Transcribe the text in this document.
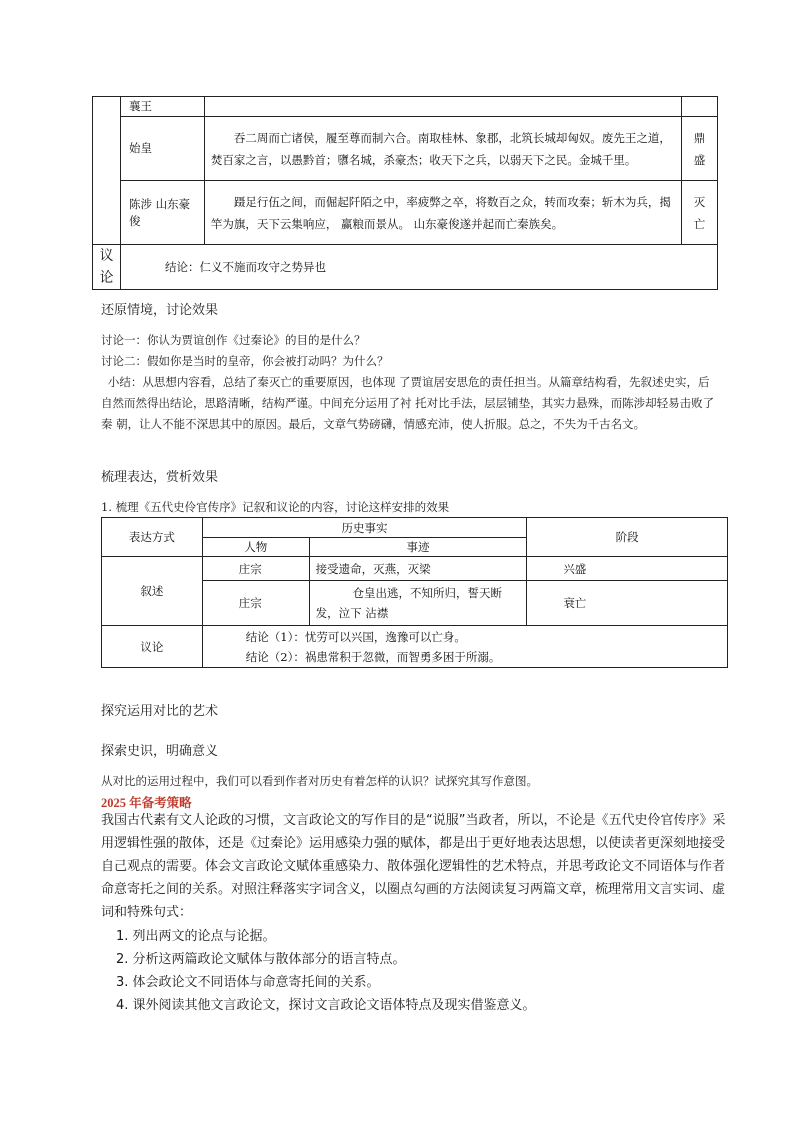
	襄王		
	始皇	吞二周而亡诸侯，履至尊而制六合。南取桂林、象郡，北筑长城却匈奴。废先王之道，焚百家之言，以愚黔首；隳名城，杀豪杰；收天下之兵，以弱天下之民。金城千里。	鼎盛
	陈涉 山东豪俊	蹑足行伍之间，而倔起阡陌之中，率疲弊之卒，将数百之众，转而攻秦；斩木为兵，揭竿为旗，天下云集响应， 赢粮而景从。 山东豪俊遂并起而亡秦族矣。	灭亡
议论	结论：仁义不施而攻守之势异也		
还原情境，讨论效果
讨论一：你认为贾谊创作《过秦论》的目的是什么？
讨论二：假如你是当时的皇帝，你会被打动吗？为什么？
小结：从思想内容看，总结了秦灭亡的重要原因，也体现 了贾谊居安思危的责任担当。从篇章结构看，先叙述史实，后 自然而然得出结论，思路清晰，结构严谨。中间充分运用了衬 托对比手法，层层铺垫，其实力悬殊，而陈涉却轻易击败了秦 朝，让人不能不深思其中的原因。最后，文章气势磅礴，情感充沛，使人折服。总之，不失为千古名文。
梳理表达，赏析效果
1. 梳理《五代史伶官传序》记叙和议论的内容，讨论这样安排的效果
表达方式	历史事实		阶段
	人物	事迹	
叙述	庄宗	接受遗命，灭燕，灭梁	兴盛
	庄宗	仓皇出逃，不知所归，誓天断发，泣下 沾襟	衰亡
议论	结论（1）：忧劳可以兴国，逸豫可以亡身。
结论（2）：祸患常积于忽微，而智勇多困于所溺。		
探究运用对比的艺术
探索史识，明确意义
从对比的运用过程中，我们可以看到作者对历史有着怎样的认识？试探究其写作意图。
2025 年备考策略
我国古代素有文人论政的习惯，文言政论文的写作目的是“说服”当政者，所以，不论是《五代史伶官传序》采用逻辑性强的散体，还是《过秦论》运用感染力强的赋体，都是出于更好地表达思想，以使读者更深刻地接受自己观点的需要。体会文言政论文赋体重感染力、散体强化逻辑性的艺术特点，并思考政论文不同语体与作者命意寄托之间的关系。对照注释落实字词含义，以圈点勾画的方法阅读复习两篇文章，梳理常用文言实词、虚词和特殊句式：
1. 列出两文的论点与论据。
2. 分析这两篇政论文赋体与散体部分的语言特点。
3. 体会政论文不同语体与命意寄托间的关系。
4. 课外阅读其他文言政论文，探讨文言政论文语体特点及现实借鉴意义。
